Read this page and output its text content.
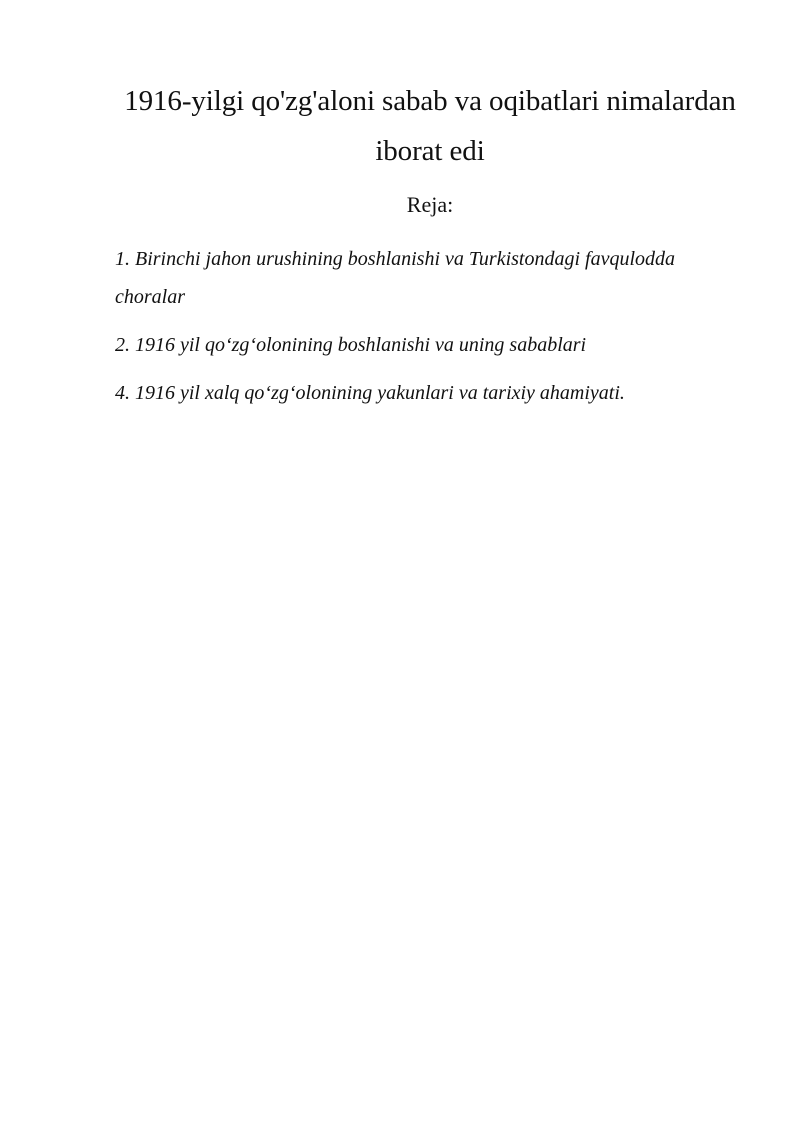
1916-yilgi qo'zg'aloni sabab va oqibatlari nimalardan iborat edi

Reja:

1. Birinchi jahon urushining boshlanishi va Turkistondagi favqulodda choralar
2. 1916 yil qo‘zg‘olonining boshlanishi va uning sabablari
4. 1916 yil xalq qo‘zg‘olonining yakunlari va tarixiy ahamiyati.
